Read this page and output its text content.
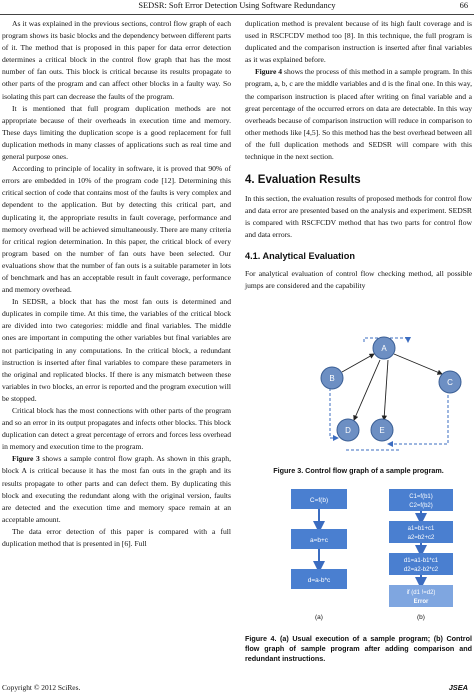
SEDSR: Soft Error Detection Using Software Redundancy	66

As it was explained in the previous sections, control flow graph of each program shows its basic blocks and the dependency between different parts of it. The method that is proposed in this paper for data error detection determines a critical block in the control flow graph that has the most number of fan outs. This block is critical because its results propagate to other parts of the program and can affect other blocks in a faulty way. So isolating this part can decrease the faults of the program.

It is mentioned that full program duplication methods are not appropriate because of their overheads in execution time and memory. These days limiting the duplication scope is a good replacement for full duplication methods in many classes of applications such as real time and general purpose ones.

According to principle of locality in software, it is proved that 90% of errors are embedded in 10% of the program code [12]. Determining this critical section of code that contains most of the faults is very complex and dependent to the application. But by detecting this critical part, and duplicating it, the appropriate results in fault coverage, performance and memory overhead will be achieved simultaneously. There are many criteria for critical region determination. In this paper, the critical block of every program based on the number of fan outs have been selected. Our evaluations show that the number of fan outs is a suitable parameter in lots of benchmark and has an acceptable result in fault coverage, performance and memory overhead.

In SEDSR, a block that has the most fan outs is determined and duplicates in compile time. At this time, the variables of the critical block are divided into two categories: middle and final variables. The middle ones are important in computing the other variables but final variables are not participating in any computations. In the critical block, a redundant instruction is inserted after final variables to compare these parameters in the original and replicated blocks. If there is any mismatch between these variables in two blocks, an error is reported and the program execution will be stopped.

Critical block has the most connections with other parts of the program and so an error in its output propagates and infects other blocks. This block duplication can detect a great percentage of errors and forces less overhead in memory and execution time to the program.

Figure 3 shows a sample control flow graph. As shown in this graph, block A is critical because it has the most fan outs in the graph and its results propagate to other parts and can defect them. By duplicating this block and executing the redundant along with the original version, faults are detected and the execution time and memory space remain at an acceptable amount.

The data error detection of this paper is compared with a full duplication method that is presented in [6]. Full

duplication method is prevalent because of its high fault coverage and is used in RSCFCDV method too [8]. In this technique, the full program is duplicated and the comparison instruction is inserted after final variables as it was explained before.

Figure 4 shows the process of this method in a sample program. In this program, a, b, c are the middle variables and d is the final one. In this way, the comparison instruction is placed after writing on final variable and a great percentage of the occurred errors on data are detectable. In this way overheads because of comparison instruction will reduce in comparison to other methods like [4,5]. So this method has the best overhead between all of the full duplication methods and SEDSR will compare with this technique in the next section.

4. Evaluation Results

In this section, the evaluation results of proposed methods for control flow and data error are presented based on the analysis and experiment. SEDSR is compared with RSCFCDV method that has two parts for control flow and data errors.

4.1. Analytical Evaluation

For analytical evaluation of control flow checking method, all possible jumps are considered and the capability

A
B	C
D	E
Figure 3. Control flow graph of a sample program.
C=f(b)
a=b+c
d=a-b*c
(a)
C1=f(b1)
C2=f(b2)
a1=b1+c1
a2=b2+c2
d1=a1-b1*c1
d2=a2-b2*c2
if (d1 !=d2)
Error
(b)
Figure 4. (a) Usual execution of a sample program; (b) Control flow graph of sample program after adding comparison and redundant instructions.
Copyright © 2012 SciRes.	JSEA
